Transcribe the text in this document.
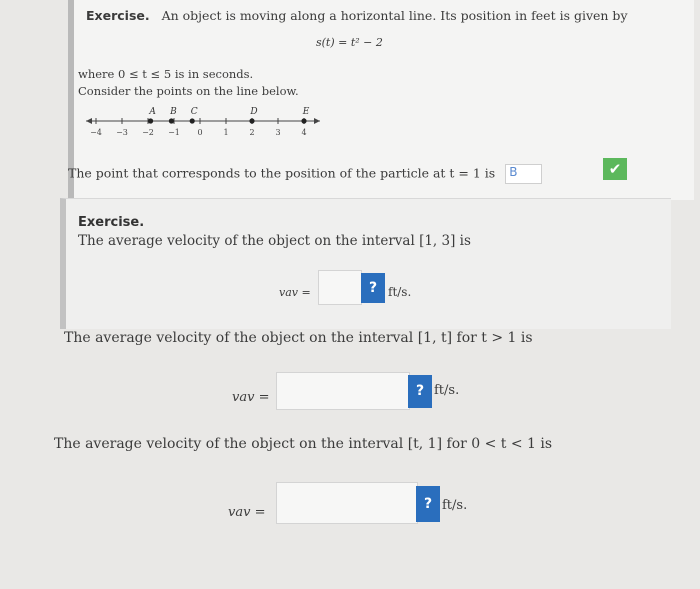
Exercise. An object is moving along a horizontal line. Its position in feet is given by
s(t) = t² − 2
where 0 ≤ t ≤ 5 is in seconds.
Consider the points on the line below.
−4 −3 −2 −1 0	1	2	3	4
A B C	D	E
The point that corresponds to the position of the particle at t = 1 is B	✔
Exercise.
The average velocity of the object on the interval [1, 3] is
vav =	? ft/s.
The average velocity of the object on the interval [1, t] for t > 1 is
vav =	? ft/s.
The average velocity of the object on the interval [t, 1] for 0 < t < 1 is
vav =
? ft/s.
